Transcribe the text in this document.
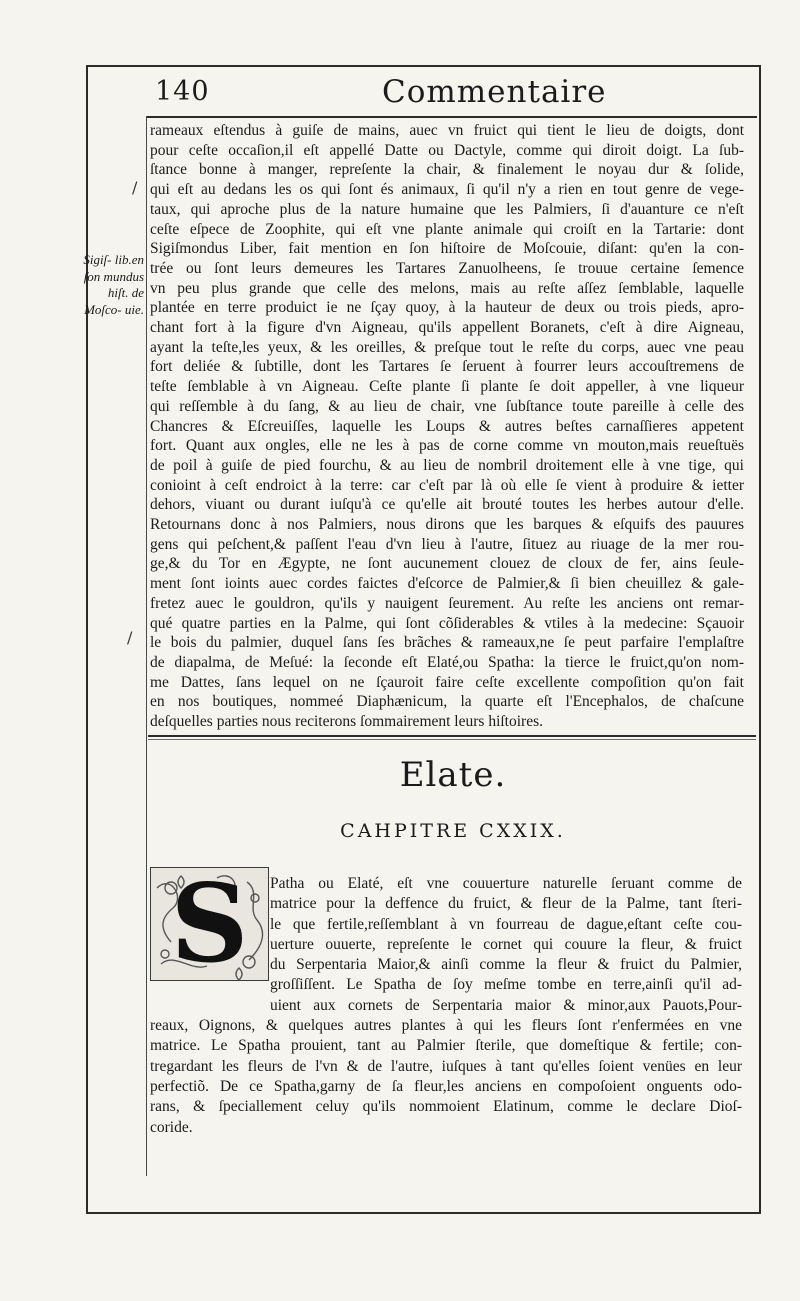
140	Commentaire
Sigiſ- lib.en ſon mundus hiſt. de Moſco- uie.
rameaux eſtendus à guiſe de mains, auec vn fruict qui tient le lieu de doigts, dont
pour ceſte occaſion,il eſt appellé Datte ou Dactyle, comme qui diroit doigt. La ſub-
ſtance bonne à manger, repreſente la chair, & finalement le noyau dur & ſolide,
qui eſt au dedans les os qui ſont és animaux, ſi qu'il n'y a rien en tout genre de vege-
taux, qui aproche plus de la nature humaine que les Palmiers, ſi d'auanture ce n'eſt
ceſte eſpece de Zoophite, qui eſt vne plante animale qui croiſt en la Tartarie: dont
Sigiſmondus Liber, fait mention en ſon hiſtoire de Moſcouie, diſant: qu'en la con-
trée ou ſont leurs demeures les Tartares Zanuolheens, ſe trouue certaine ſemence
vn peu plus grande que celle des melons, mais au reſte aſſez ſemblable, laquelle
plantée en terre produict ie ne ſçay quoy, à la hauteur de deux ou trois pieds, apro-
chant fort à la figure d'vn Aigneau, qu'ils appellent Boranets, c'eſt à dire Aigneau,
ayant la teſte,les yeux, & les oreilles, & preſque tout le reſte du corps, auec vne peau
fort deliée & ſubtille, dont les Tartares ſe ſeruent à fourrer leurs accouſtremens de
teſte ſemblable à vn Aigneau. Ceſte plante ſi plante ſe doit appeller, à vne liqueur
qui reſſemble à du ſang, & au lieu de chair, vne ſubſtance toute pareille à celle des
Chancres & Eſcreuiſſes, laquelle les Loups & autres beſtes carnaſſieres appetent
fort. Quant aux ongles, elle ne les à pas de corne comme vn mouton,mais reueſtuës
de poil à guiſe de pied fourchu, & au lieu de nombril droitement elle à vne tige, qui
conioint à ceſt endroict à la terre: car c'eſt par là où elle ſe vient à produire & ietter
dehors, viuant ou durant iuſqu'à ce qu'elle ait brouté toutes les herbes autour d'elle.
Retournans donc à nos Palmiers, nous dirons que les barques & eſquifs des pauures
gens qui peſchent,& paſſent l'eau d'vn lieu à l'autre, ſituez au riuage de la mer rou-
ge,& du Tor en Ægypte, ne ſont aucunement clouez de cloux de fer, ains ſeule-
ment ſont ioints auec cordes faictes d'eſcorce de Palmier,& ſi bien cheuillez & gale-
fretez auec le gouldron, qu'ils y nauigent ſeurement. Au reſte les anciens ont remar-
qué quatre parties en la Palme, qui ſont cõſiderables & vtiles à la medecine: Sçauoir
le bois du palmier, duquel ſans ſes brãches & rameaux,ne ſe peut parfaire l'emplaſtre
de diapalma, de Meſué: la ſeconde eſt Elaté,ou Spatha: la tierce le fruict,qu'on nom-
me Dattes, ſans lequel on ne ſçauroit faire ceſte excellente compoſition qu'on fait
en nos boutiques, nommeé Diaphænicum, la quarte eſt l'Encephalos, de chaſcune
deſquelles parties nous reciterons ſommairement leurs hiſtoires.
Elate.
CAHPITRE CXXIX.
S	Patha ou Elaté, eſt vne couuerture naturelle ſeruant comme de
matrice pour la deffence du fruict, & fleur de la Palme, tant ſteri-
le que fertile,reſſemblant à vn fourreau de dague,eſtant ceſte cou-
uerture ouuerte, repreſente le cornet qui couure la fleur, & fruict
du Serpentaria Maior,& ainſi comme la fleur & fruict du Palmier,
groſſiſſent. Le Spatha de ſoy meſme tombe en terre,ainſi qu'il ad-
uient aux cornets de Serpentaria maior & minor,aux Pauots,Pour-
reaux, Oignons, & quelques autres plantes à qui les fleurs ſont r'enfermées en vne
matrice. Le Spatha prouient, tant au Palmier ſterile, que domeſtique & fertile; con-
tregardant les fleurs de l'vn & de l'autre, iuſques à tant qu'elles ſoient venües en leur
perfectiõ. De ce Spatha,garny de ſa fleur,les anciens en compoſoient onguents odo-
rans, & ſpeciallement celuy qu'ils nommoient Elatinum, comme le declare Dioſ-
coride.
/
/
